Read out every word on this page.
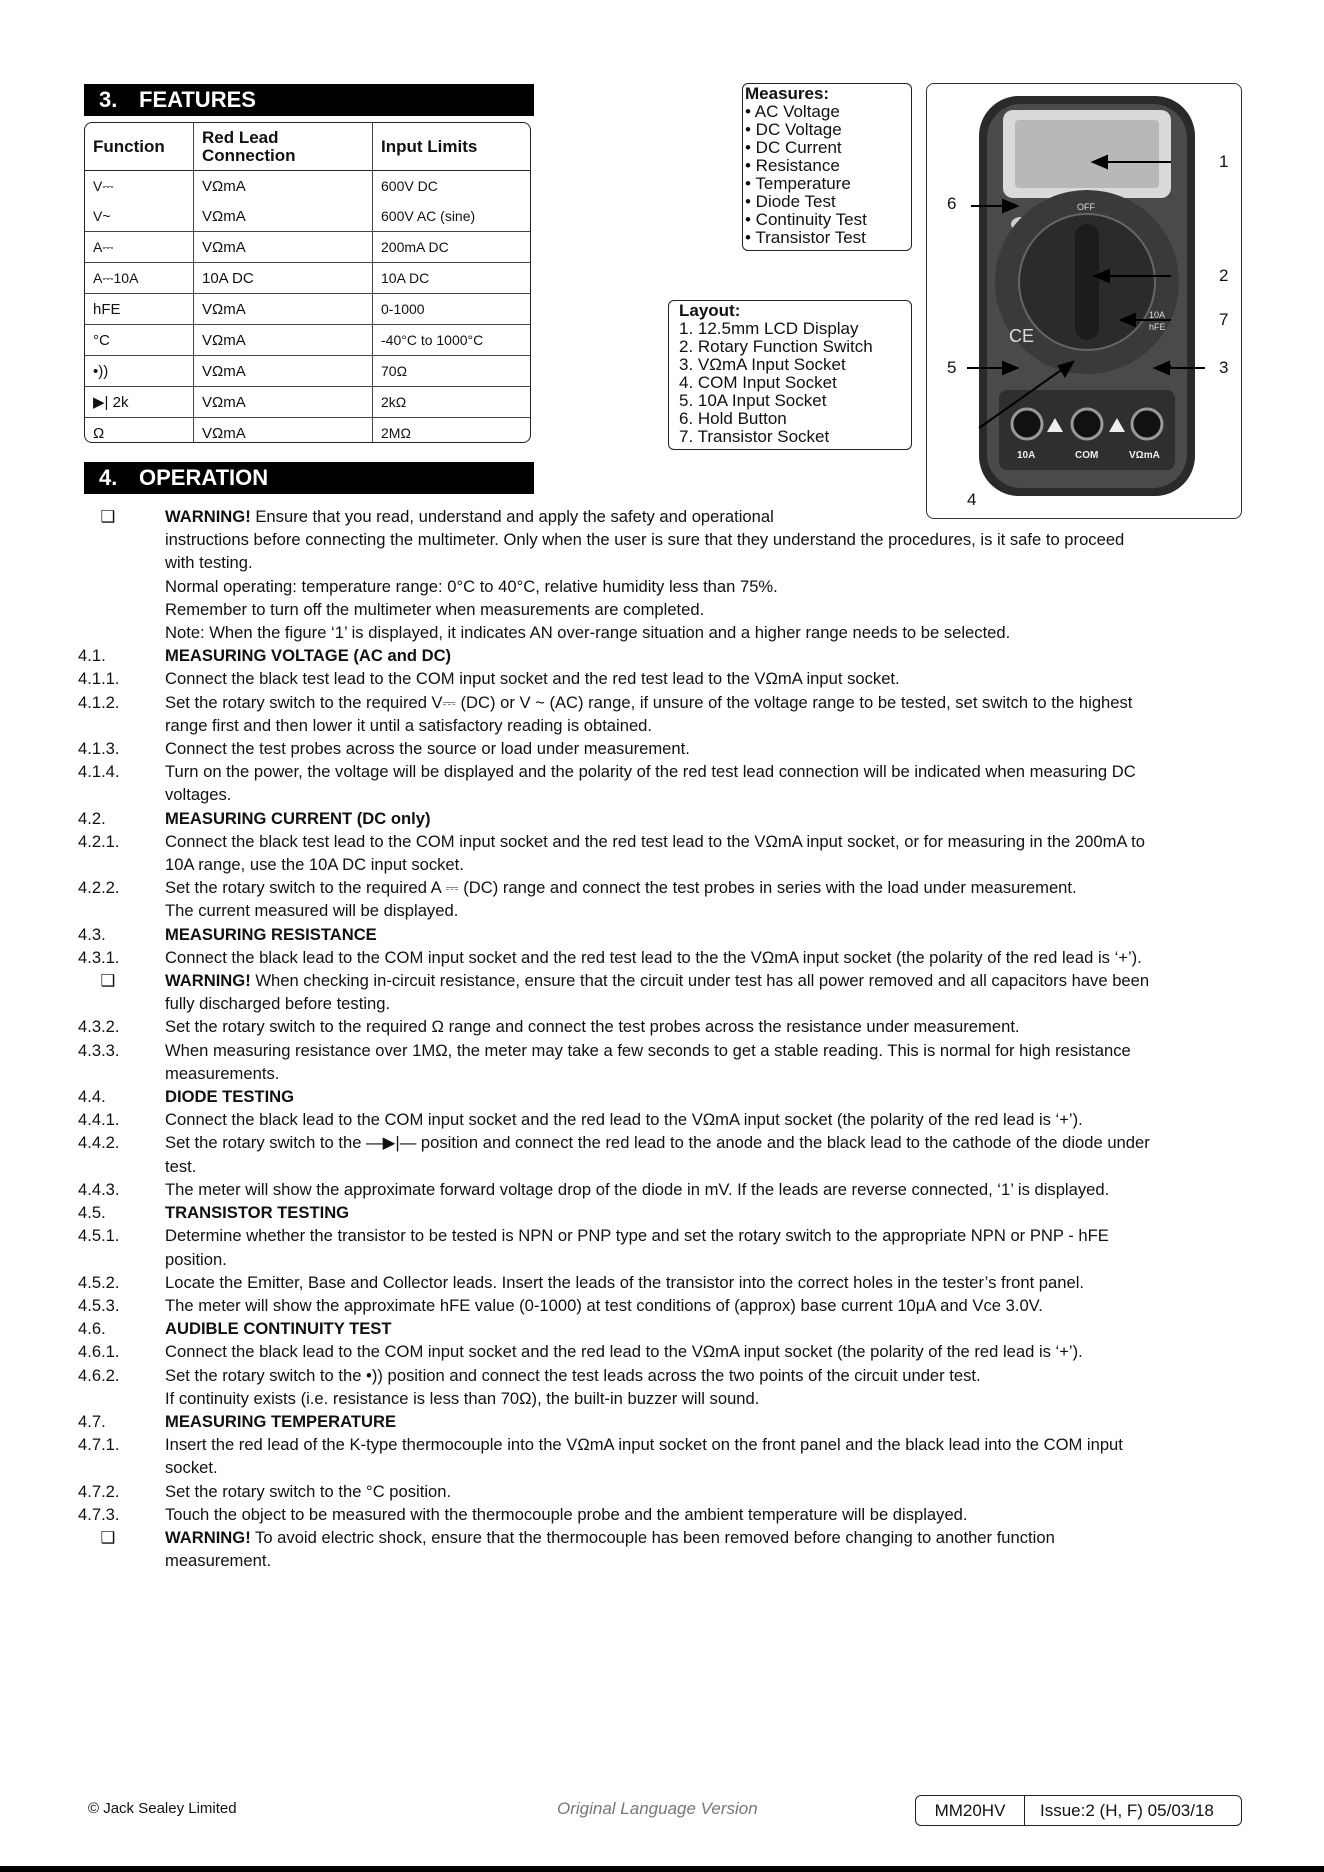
3. FEATURES
Function	Red Lead Connection	Input Limits
V⎓	VΩmA	600V DC
V~	VΩmA	600V AC (sine)
A⎓	VΩmA	200mA DC
A⎓10A	10A DC	10A DC
hFE	VΩmA	0-1000
°C	VΩmA	-40°C to 1000°C
•))	VΩmA	70Ω
▶| 2k	VΩmA	2kΩ
Ω	VΩmA	2MΩ
Measures:
• AC Voltage
• DC Voltage
• DC Current
• Resistance
• Temperature
• Diode Test
• Continuity Test
• Transistor Test
Layout:
1. 12.5mm LCD Display
2. Rotary Function Switch
3. VΩmA Input Socket
4. COM Input Socket
5. 10A Input Socket
6. Hold Button
7. Transistor Socket
OFF
hFE
10A
CE
10A	COM	VΩmA
1
2
7
3
6
5
4
4. OPERATION
❑	WARNING! Ensure that you read, understand and apply the safety and operational
instructions before connecting the multimeter. Only when the user is sure that they understand the procedures, is it safe to proceed
with testing.
Normal operating: temperature range: 0°C to 40°C, relative humidity less than 75%.
Remember to turn off the multimeter when measurements are completed.
Note: When the figure ‘1’ is displayed, it indicates AN over-range situation and a higher range needs to be selected.
4.1.	MEASURING VOLTAGE (AC and DC)
4.1.1.	Connect the black test lead to the COM input socket and the red test lead to the VΩmA input socket.
4.1.2.	Set the rotary switch to the required V⎓ (DC) or V ~ (AC) range, if unsure of the voltage range to be tested, set switch to the highest
range first and then lower it until a satisfactory reading is obtained.
4.1.3.	Connect the test probes across the source or load under measurement.
4.1.4.	Turn on the power, the voltage will be displayed and the polarity of the red test lead connection will be indicated when measuring DC
voltages.
4.2.	MEASURING CURRENT (DC only)
4.2.1.	Connect the black test lead to the COM input socket and the red test lead to the VΩmA input socket, or for measuring in the 200mA to
10A range, use the 10A DC input socket.
4.2.2.	Set the rotary switch to the required A ⎓ (DC) range and connect the test probes in series with the load under measurement.
The current measured will be displayed.
4.3.	MEASURING RESISTANCE
4.3.1.	Connect the black lead to the COM input socket and the red test lead to the the VΩmA input socket (the polarity of the red lead is ‘+’).
❑	WARNING! When checking in-circuit resistance, ensure that the circuit under test has all power removed and all capacitors have been
fully discharged before testing.
4.3.2.	Set the rotary switch to the required Ω range and connect the test probes across the resistance under measurement.
4.3.3.	When measuring resistance over 1MΩ, the meter may take a few seconds to get a stable reading. This is normal for high resistance
measurements.
4.4.	DIODE TESTING
4.4.1.	Connect the black lead to the COM input socket and the red lead to the VΩmA input socket (the polarity of the red lead is ‘+’).
4.4.2.	Set the rotary switch to the —▶|— position and connect the red lead to the anode and the black lead to the cathode of the diode under
test.
4.4.3.	The meter will show the approximate forward voltage drop of the diode in mV. If the leads are reverse connected, ‘1’ is displayed.
4.5.	TRANSISTOR TESTING
4.5.1.	Determine whether the transistor to be tested is NPN or PNP type and set the rotary switch to the appropriate NPN or PNP - hFE
position.
4.5.2.	Locate the Emitter, Base and Collector leads. Insert the leads of the transistor into the correct holes in the tester’s front panel.
4.5.3.	The meter will show the approximate hFE value (0-1000) at test conditions of (approx) base current 10μA and Vce 3.0V.
4.6.	AUDIBLE CONTINUITY TEST
4.6.1.	Connect the black lead to the COM input socket and the red lead to the VΩmA input socket (the polarity of the red lead is ‘+’).
4.6.2.	Set the rotary switch to the •)) position and connect the test leads across the two points of the circuit under test.
If continuity exists (i.e. resistance is less than 70Ω), the built-in buzzer will sound.
4.7.	MEASURING TEMPERATURE
4.7.1.	Insert the red lead of the K-type thermocouple into the VΩmA input socket on the front panel and the black lead into the COM input
socket.
4.7.2.	Set the rotary switch to the °C position.
4.7.3.	Touch the object to be measured with the thermocouple probe and the ambient temperature will be displayed.
❑	WARNING! To avoid electric shock, ensure that the thermocouple has been removed before changing to another function
measurement.
© Jack Sealey Limited	Original Language Version	MM20HV	Issue:2 (H, F) 05/03/18
